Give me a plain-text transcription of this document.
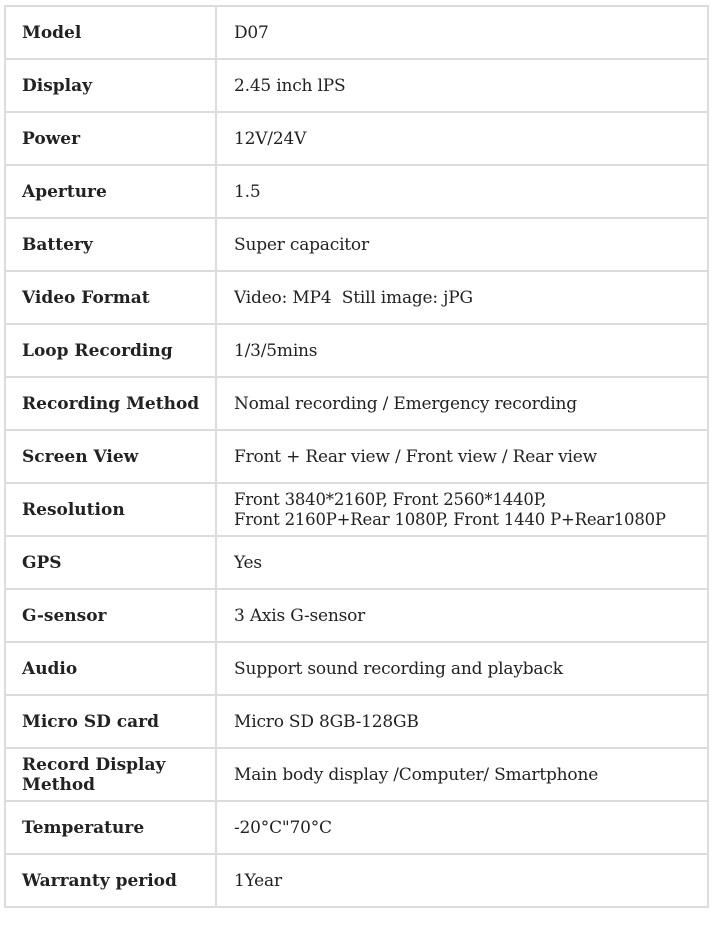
Model	D07
Display	2.45 inch lPS
Power	12V/24V
Aperture	1.5
Battery	Super capacitor
Video Format	Video: MP4  Still image: jPG
Loop Recording	1/3/5mins
Recording Method	Nomal recording / Emergency recording
Screen View	Front + Rear view / Front view / Rear view
Resolution	Front 3840*2160P, Front 2560*1440P,
Front 2160P+Rear 1080P, Front 1440 P+Rear1080P

GPS	Yes
G-sensor	3 Axis G-sensor
Audio	Support sound recording and playback
Micro SD card	Micro SD 8GB-128GB

Record Display
Method	Main body display /Computer/ Smartphone
Temperature	-20°C"70°C
Warranty period	1Year
